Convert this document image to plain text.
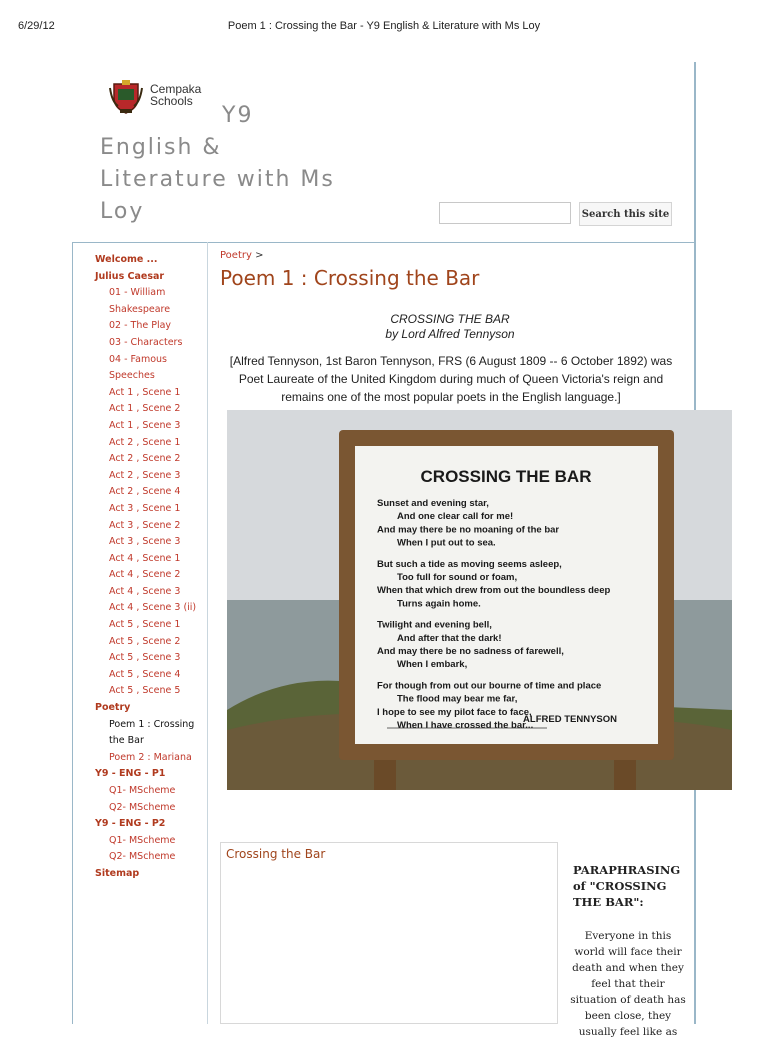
6/29/12	Poem 1 : Crossing the Bar - Y9 English & Literature with Ms Loy
Cempaka
Schools
Y9
English &
Literature with Ms
Loy	Search this site
Welcome ...
Julius Caesar
01 - William Shakespeare
02 - The Play
03 - Characters
04 - Famous Speeches
Act 1 , Scene 1
Act 1 , Scene 2
Act 1 , Scene 3
Act 2 , Scene 1
Act 2 , Scene 2
Act 2 , Scene 3
Act 2 , Scene 4
Act 3 , Scene 1
Act 3 , Scene 2
Act 3 , Scene 3
Act 4 , Scene 1
Act 4 , Scene 2
Act 4 , Scene 3
Act 4 , Scene 3 (ii)
Act 5 , Scene 1
Act 5 , Scene 2
Act 5 , Scene 3
Act 5 , Scene 4
Act 5 , Scene 5
Poetry
Poem 1 : Crossing the Bar
Poem 2 : Mariana
Y9 - ENG - P1
Q1- MScheme
Q2- MScheme
Y9 - ENG - P2
Q1- MScheme
Q2- MScheme
Sitemap
Poetry >
Poem 1 : Crossing the Bar
CROSSING THE BAR
by Lord Alfred Tennyson
[Alfred Tennyson, 1st Baron Tennyson, FRS (6 August 1809 -- 6 October 1892) was Poet Laureate of the United Kingdom during much of Queen Victoria's reign and remains one of the most popular poets in the English language.]
CROSSING THE BAR
Sunset and evening star,
And one clear call for me!
And may there be no moaning of the bar
When I put out to sea.
But such a tide as moving seems asleep,
Too full for sound or foam,
When that which drew from out the boundless deep
Turns again home.
Twilight and evening bell,
And after that the dark!
And may there be no sadness of farewell,
When I embark,
For though from out our bourne of time and place
The flood may bear me far,
I hope to see my pilot face to face,
When I have crossed the bar...
ALFRED TENNYSON
Crossing the Bar
PARAPHRASING of "CROSSING THE BAR":
Everyone in this world will face their death and when they feel that their situation of death has been close, they usually feel like as
